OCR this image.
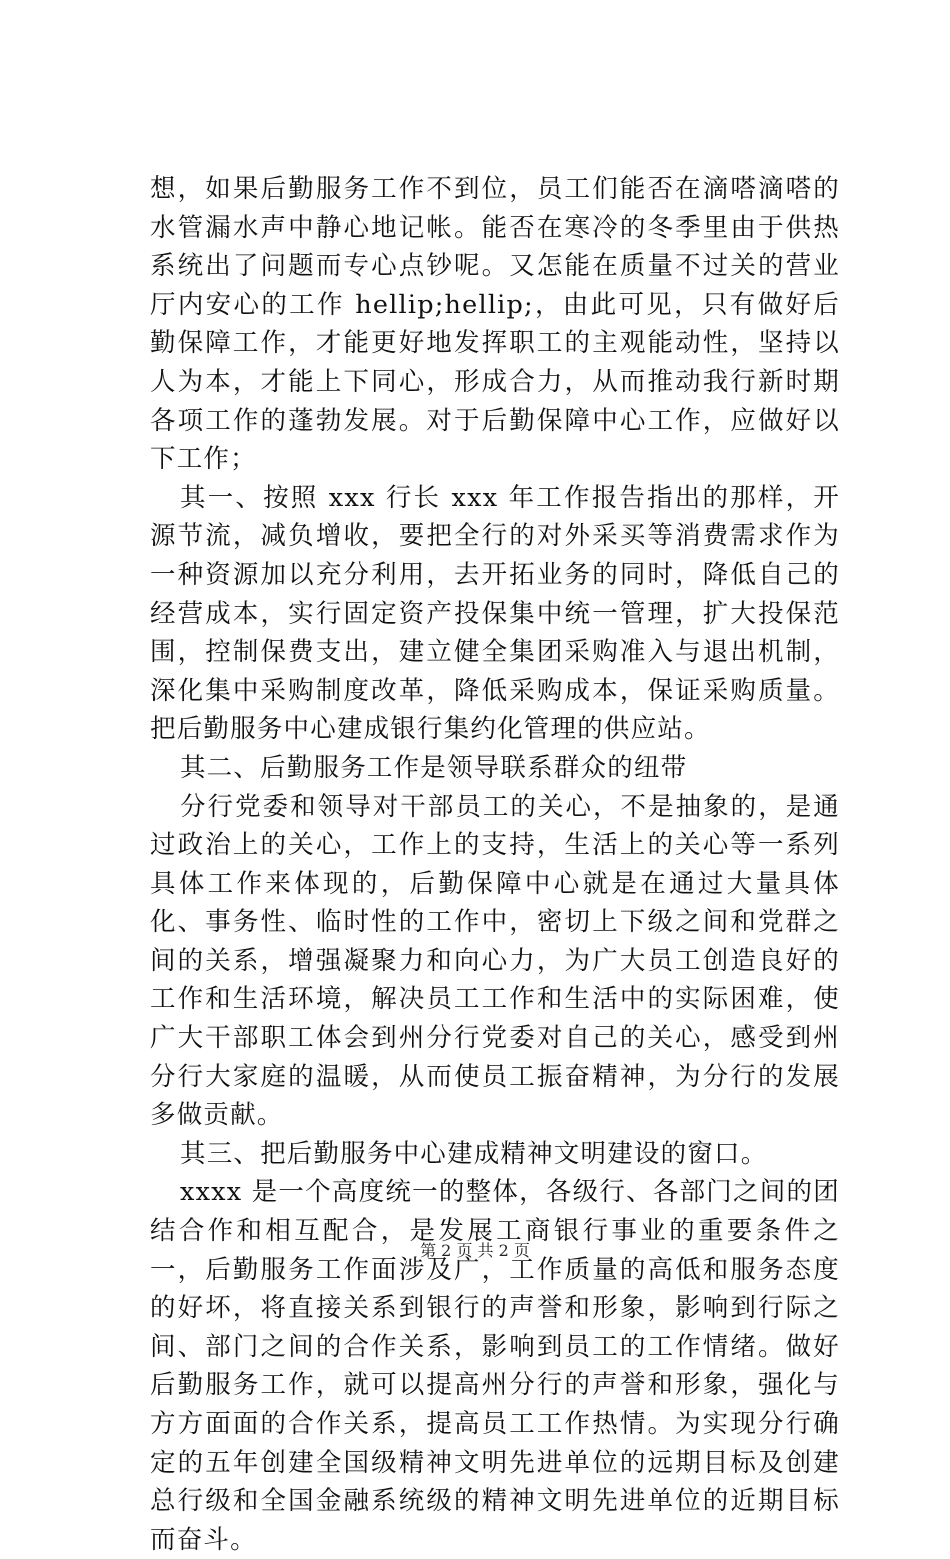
想，如果后勤服务工作不到位，员工们能否在滴嗒滴嗒的水管漏水声中静心地记帐。能否在寒冷的冬季里由于供热系统出了问题而专心点钞呢。又怎能在质量不过关的营业厅内安心的工作 hellip;hellip;，由此可见，只有做好后勤保障工作，才能更好地发挥职工的主观能动性，坚持以人为本，才能上下同心，形成合力，从而推动我行新时期各项工作的蓬勃发展。对于后勤保障中心工作，应做好以下工作；

其一、按照 xxx 行长 xxx 年工作报告指出的那样，开源节流，减负增收，要把全行的对外采买等消费需求作为一种资源加以充分利用，去开拓业务的同时，降低自己的经营成本，实行固定资产投保集中统一管理，扩大投保范围，控制保费支出，建立健全集团采购准入与退出机制，深化集中采购制度改革，降低采购成本，保证采购质量。把后勤服务中心建成银行集约化管理的供应站。

其二、后勤服务工作是领导联系群众的纽带

分行党委和领导对干部员工的关心，不是抽象的，是通过政治上的关心，工作上的支持，生活上的关心等一系列具体工作来体现的，后勤保障中心就是在通过大量具体化、事务性、临时性的工作中，密切上下级之间和党群之间的关系，增强凝聚力和向心力，为广大员工创造良好的工作和生活环境，解决员工工作和生活中的实际困难，使广大干部职工体会到州分行党委对自己的关心，感受到州分行大家庭的温暖，从而使员工振奋精神，为分行的发展多做贡献。

其三、把后勤服务中心建成精神文明建设的窗口。

xxxx 是一个高度统一的整体，各级行、各部门之间的团结合作和相互配合，是发展工商银行事业的重要条件之一，后勤服务工作面涉及广，工作质量的高低和服务态度的好坏，将直接关系到银行的声誉和形象，影响到行际之间、部门之间的合作关系，影响到员工的工作情绪。做好后勤服务工作，就可以提高州分行的声誉和形象，强化与方方面面的合作关系，提高员工工作热情。为实现分行确定的五年创建全国级精神文明先进单位的远期目标及创建总行级和全国金融系统级的精神文明先进单位的近期目标而奋斗。

第 2 页 共 2 页
